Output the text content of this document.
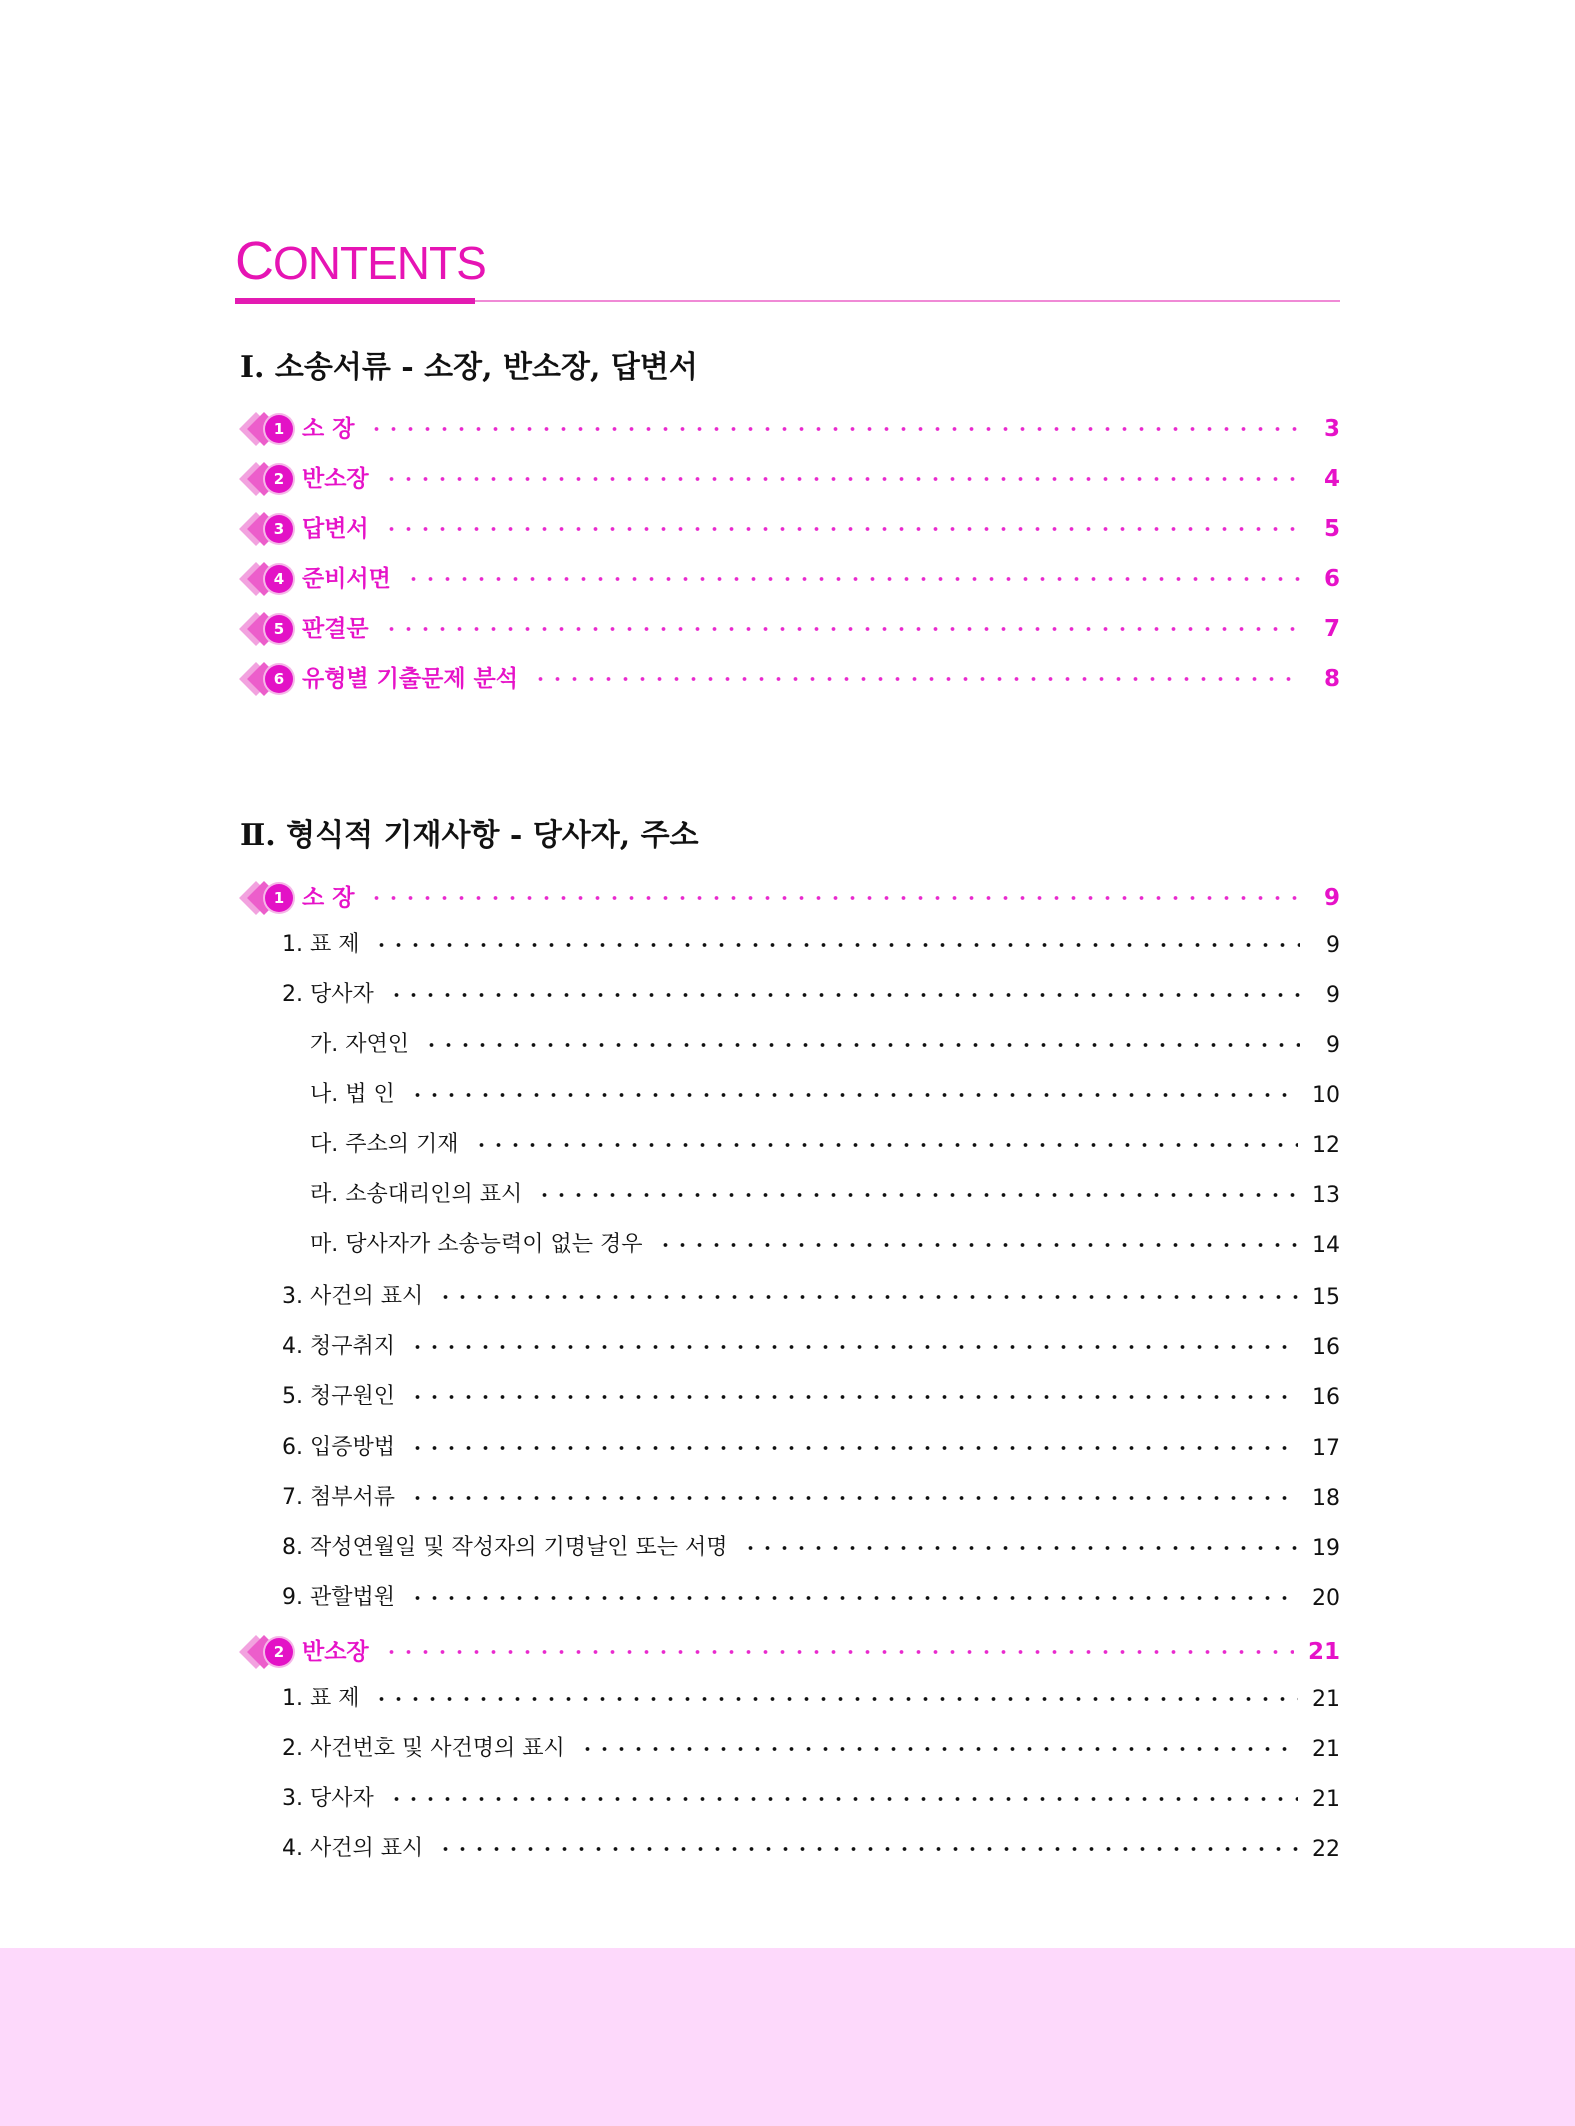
CONTENTS
Ⅰ. 소송서류 - 소장, 반소장, 답변서
1 소 장	3
2 반소장	4
3 답변서	5
4 준비서면	6
5 판결문	7
6 유형별 기출문제 분석	8
Ⅱ. 형식적 기재사항 - 당사자, 주소
1 소 장	9
1. 표 제	9
2. 당사자	9
가. 자연인	9
나. 법 인	10
다. 주소의 기재	12
라. 소송대리인의 표시	13
마. 당사자가 소송능력이 없는 경우	14
3. 사건의 표시	15
4. 청구취지	16
5. 청구원인	16
6. 입증방법	17
7. 첨부서류	18
8. 작성연월일 및 작성자의 기명날인 또는 서명	19
9. 관할법원	20
2 반소장	21
1. 표 제	21
2. 사건번호 및 사건명의 표시	21
3. 당사자	21
4. 사건의 표시	22
